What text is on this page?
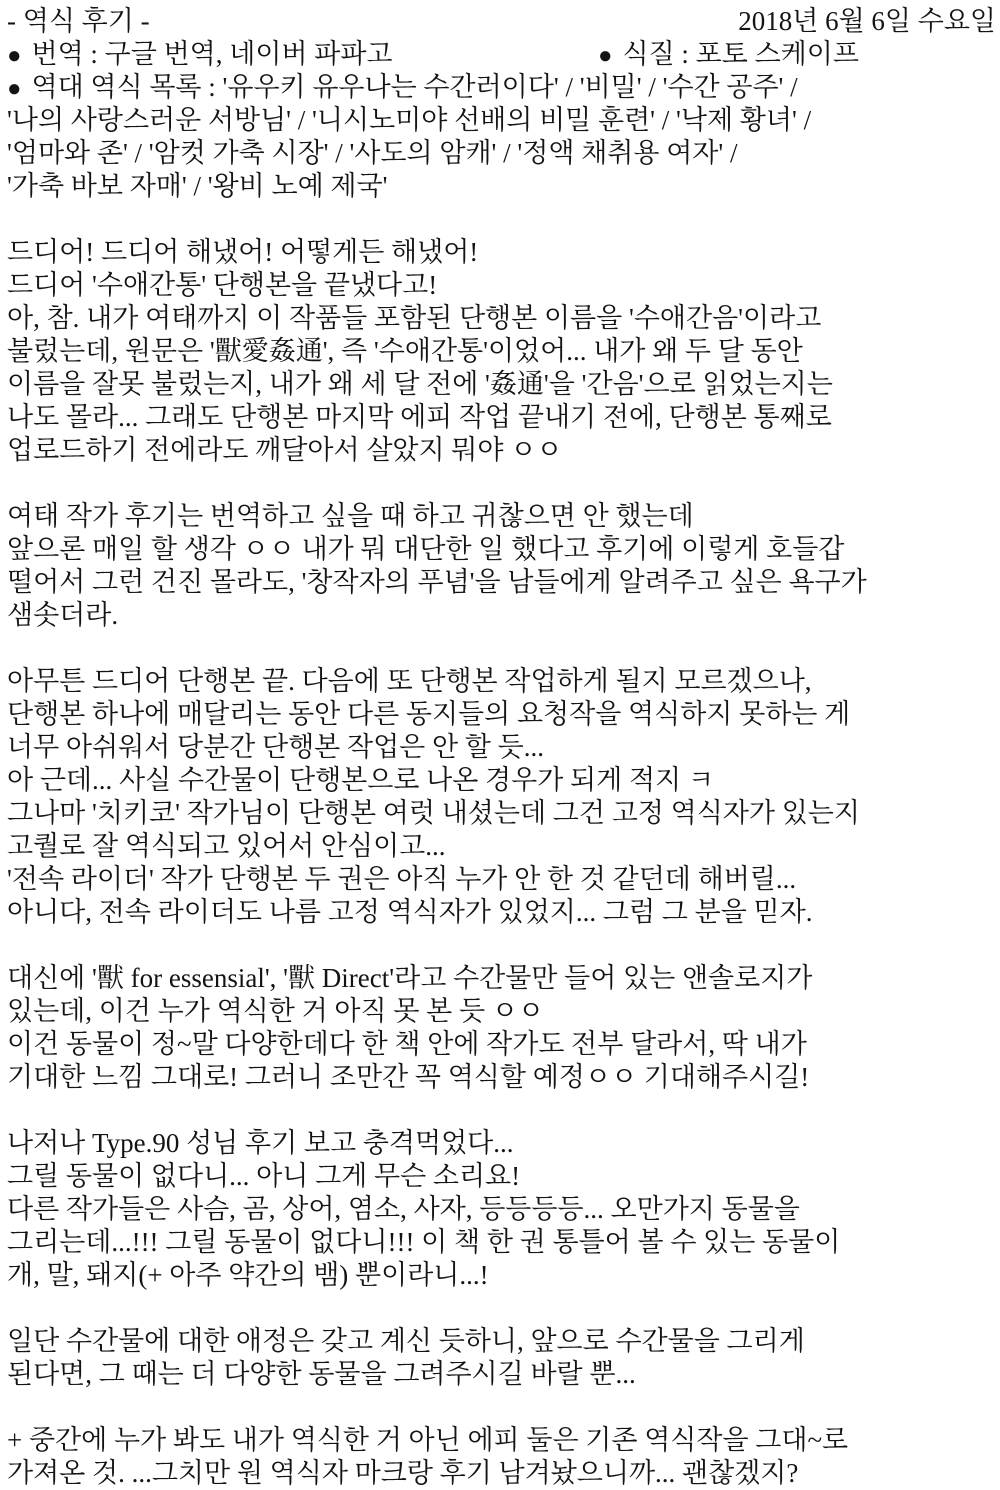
- 역식 후기 -	2018년 6월 6일 수요일
● 번역 : 구글 번역, 네이버 파파고	● 식질 : 포토 스케이프
● 역대 역식 목록 : '유우키 유우나는 수간러이다' / '비밀' / '수간 공주' /
'나의 사랑스러운 서방님' / '니시노미야 선배의 비밀 훈련' / '낙제 황녀' /
'엄마와 존' / '암컷 가축 시장' / '사도의 암캐' / '정액 채취용 여자' /
'가축 바보 자매' / '왕비 노예 제국'
드디어! 드디어 해냈어! 어떻게든 해냈어!
드디어 '수애간통' 단행본을 끝냈다고!
아, 참. 내가 여태까지 이 작품들 포함된 단행본 이름을 '수애간음'이라고
불렀는데, 원문은 '獸愛姦通', 즉 '수애간통'이었어... 내가 왜 두 달 동안
이름을 잘못 불렀는지, 내가 왜 세 달 전에 '姦通'을 '간음'으로 읽었는지는
나도 몰라... 그래도 단행본 마지막 에피 작업 끝내기 전에, 단행본 통째로
업로드하기 전에라도 깨달아서 살았지 뭐야 ㅇㅇ
여태 작가 후기는 번역하고 싶을 때 하고 귀찮으면 안 했는데
앞으론 매일 할 생각 ㅇㅇ 내가 뭐 대단한 일 했다고 후기에 이렇게 호들갑
떨어서 그런 건진 몰라도, '창작자의 푸념'을 남들에게 알려주고 싶은 욕구가
샘솟더라.
아무튼 드디어 단행본 끝. 다음에 또 단행본 작업하게 될지 모르겠으나,
단행본 하나에 매달리는 동안 다른 동지들의 요청작을 역식하지 못하는 게
너무 아쉬워서 당분간 단행본 작업은 안 할 듯...
아 근데... 사실 수간물이 단행본으로 나온 경우가 되게 적지 ㅋ
그나마 '치키코' 작가님이 단행본 여럿 내셨는데 그건 고정 역식자가 있는지
고퀄로 잘 역식되고 있어서 안심이고...
'전속 라이더' 작가 단행본 두 권은 아직 누가 안 한 것 같던데 해버릴...
아니다, 전속 라이더도 나름 고정 역식자가 있었지... 그럼 그 분을 믿자.
대신에 '獸 for essensial', '獸 Direct'라고 수간물만 들어 있는 앤솔로지가
있는데, 이건 누가 역식한 거 아직 못 본 듯 ㅇㅇ
이건 동물이 정~말 다양한데다 한 책 안에 작가도 전부 달라서, 딱 내가
기대한 느낌 그대로! 그러니 조만간 꼭 역식할 예정ㅇㅇ 기대해주시길!
나저나 Type.90 성님 후기 보고 충격먹었다...
그릴 동물이 없다니... 아니 그게 무슨 소리요!
다른 작가들은 사슴, 곰, 상어, 염소, 사자, 등등등등... 오만가지 동물을
그리는데...!!! 그릴 동물이 없다니!!! 이 책 한 권 통틀어 볼 수 있는 동물이
개, 말, 돼지(+ 아주 약간의 뱀) 뿐이라니...!
일단 수간물에 대한 애정은 갖고 계신 듯하니, 앞으로 수간물을 그리게
된다면, 그 때는 더 다양한 동물을 그려주시길 바랄 뿐...
+ 중간에 누가 봐도 내가 역식한 거 아닌 에피 둘은 기존 역식작을 그대~로
가져온 것. ...그치만 원 역식자 마크랑 후기 남겨놨으니까... 괜찮겠지?
